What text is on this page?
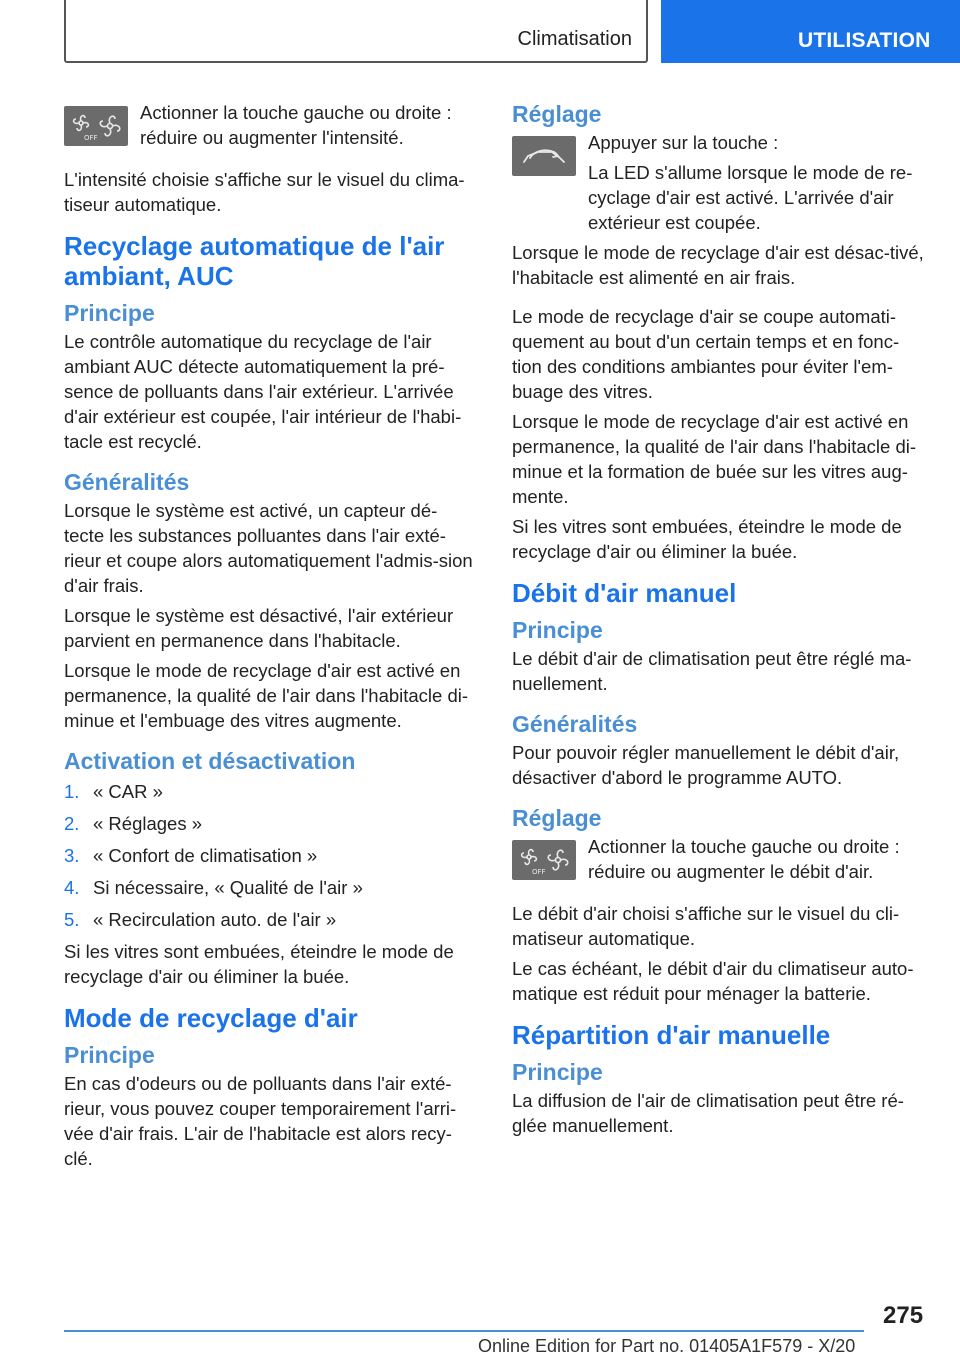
Climatisation	UTILISATION
OFF

Actionner la touche gauche ou droite : réduire ou augmenter l'intensité.

L'intensité choisie s'affiche sur le visuel du clima‐tiseur automatique.

Recyclage automatique de l'air ambiant, AUC
Principe

Le contrôle automatique du recyclage de l'air ambiant AUC détecte automatiquement la pré‐sence de polluants dans l'air extérieur. L'arrivée d'air extérieur est coupée, l'air intérieur de l'habi‐tacle est recyclé.

Généralités

Lorsque le système est activé, un capteur dé‐tecte les substances polluantes dans l'air exté‐rieur et coupe alors automatiquement l'admis‐sion d'air frais.

Lorsque le système est désactivé, l'air extérieur parvient en permanence dans l'habitacle.

Lorsque le mode de recyclage d'air est activé en permanence, la qualité de l'air dans l'habitacle di‐minue et l'embuage des vitres augmente.

Activation et désactivation
1. « CAR »
2. « Réglages »
3. « Confort de climatisation »
4. Si nécessaire, « Qualité de l'air »
5. « Recirculation auto. de l'air »

Si les vitres sont embuées, éteindre le mode de recyclage d'air ou éliminer la buée.

Mode de recyclage d'air
Principe

En cas d'odeurs ou de polluants dans l'air exté‐rieur, vous pouvez couper temporairement l'arri‐vée d'air frais. L'air de l'habitacle est alors recy‐clé.

Réglage

Appuyer sur la touche :

La LED s'allume lorsque le mode de re‐cyclage d'air est activé. L'arrivée d'air extérieur est coupée.

Lorsque le mode de recyclage d'air est désac‐tivé, l'habitacle est alimenté en air frais.

Le mode de recyclage d'air se coupe automati‐quement au bout d'un certain temps et en fonc‐tion des conditions ambiantes pour éviter l'em‐buage des vitres.

Lorsque le mode de recyclage d'air est activé en permanence, la qualité de l'air dans l'habitacle di‐minue et la formation de buée sur les vitres aug‐mente.

Si les vitres sont embuées, éteindre le mode de recyclage d'air ou éliminer la buée.

Débit d'air manuel
Principe

Le débit d'air de climatisation peut être réglé ma‐nuellement.

Généralités

Pour pouvoir régler manuellement le débit d'air, désactiver d'abord le programme AUTO.

Réglage
OFF

Actionner la touche gauche ou droite : réduire ou augmenter le débit d'air.

Le débit d'air choisi s'affiche sur le visuel du cli‐matiseur automatique.

Le cas échéant, le débit d'air du climatiseur auto‐matique est réduit pour ménager la batterie.

Répartition d'air manuelle
Principe

La diffusion de l'air de climatisation peut être ré‐glée manuellement.

275
Online Edition for Part no. 01405A1F579 - X/20
